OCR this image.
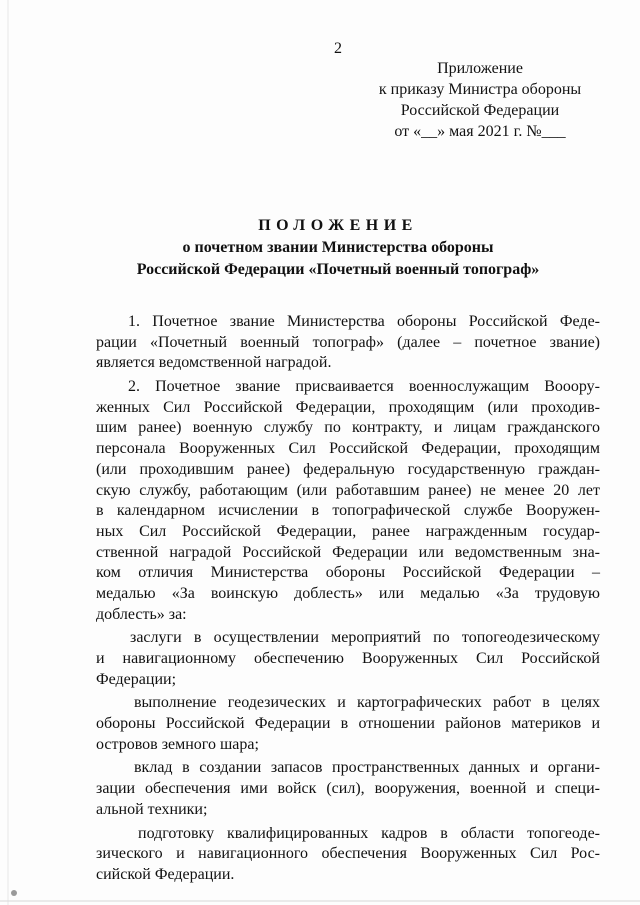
2
Приложение
к приказу Министра обороны
Российской Федерации
от «__» мая 2021 г. №___
ПОЛОЖЕНИЕ
о почетном звании Министерства обороны
Российской Федерации «Почетный военный топограф»
1. Почетное звание Министерства обороны Российской Феде-
рации «Почетный военный топограф» (далее – почетное звание)
является ведомственной наградой.
2. Почетное звание присваивается военнослужащим Вооору-
женных Сил Российской Федерации, проходящим (или проходив-
шим ранее) военную службу по контракту, и лицам гражданского
персонала Вооруженных Сил Российской Федерации, проходящим
(или проходившим ранее) федеральную государственную граждан-
скую службу, работающим (или работавшим ранее) не менее 20 лет
в календарном исчислении в топографической службе Вооружен-
ных Сил Российской Федерации, ранее награжденным государ-
ственной наградой Российской Федерации или ведомственным зна-
ком отличия Министерства обороны Российской Федерации –
медалью «За воинскую доблесть» или медалью «За трудовую
доблесть» за:
заслуги в осуществлении мероприятий по топогеодезическому
и навигационному обеспечению Вооруженных Сил Российской
Федерации;
выполнение геодезических и картографических работ в целях
обороны Российской Федерации в отношении районов материков и
островов земного шара;
вклад в создании запасов пространственных данных и органи-
зации обеспечения ими войск (сил), вооружения, военной и специ-
альной техники;
подготовку квалифицированных кадров в области топогеоде-
зического и навигационного обеспечения Вооруженных Сил Рос-
сийской Федерации.
